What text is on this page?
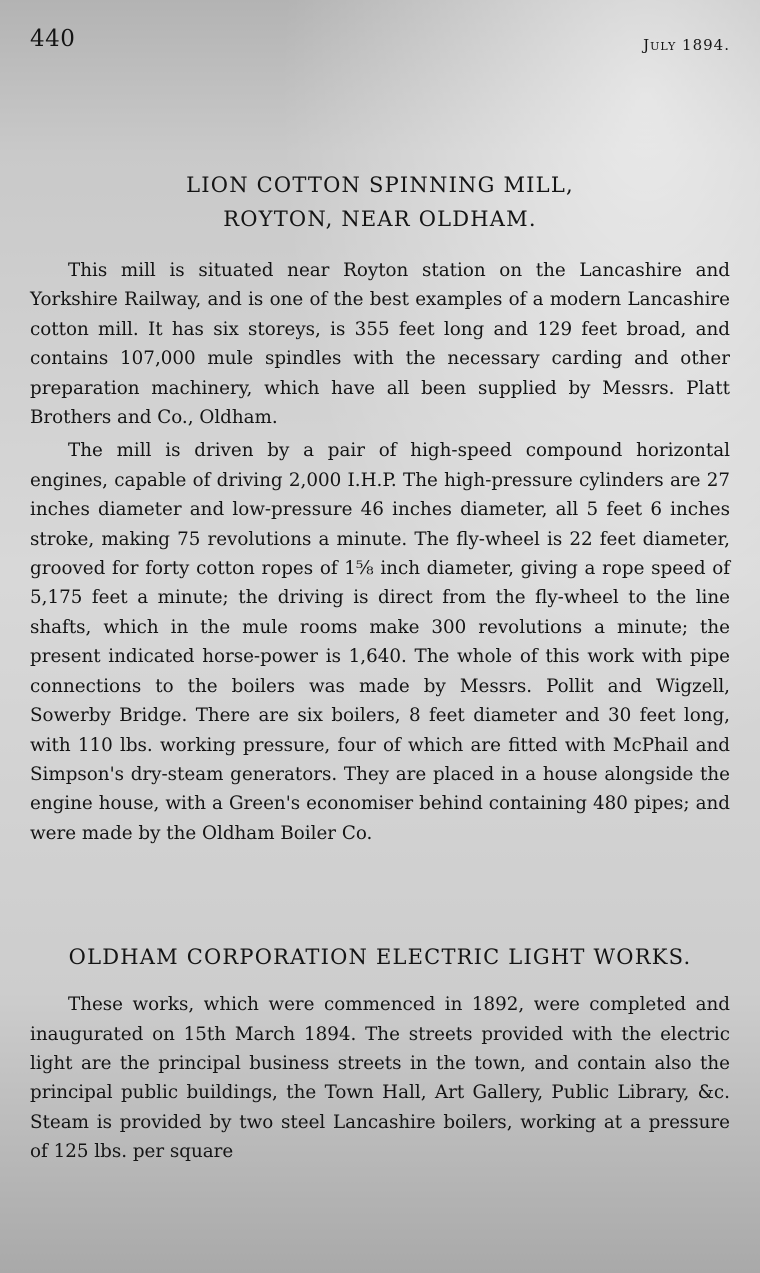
440	July 1894.
LION COTTON SPINNING MILL,
ROYTON, NEAR OLDHAM.

This mill is situated near Royton station on the Lancashire and Yorkshire Railway, and is one of the best examples of a modern Lancashire cotton mill. It has six storeys, is 355 feet long and 129 feet broad, and contains 107,000 mule spindles with the necessary carding and other preparation machinery, which have all been supplied by Messrs. Platt Brothers and Co., Oldham.

The mill is driven by a pair of high-speed compound horizontal engines, capable of driving 2,000 I.H.P. The high-pressure cylinders are 27 inches diameter and low-pressure 46 inches diameter, all 5 feet 6 inches stroke, making 75 revolutions a minute. The fly-wheel is 22 feet diameter, grooved for forty cotton ropes of 1⅝ inch diameter, giving a rope speed of 5,175 feet a minute; the driving is direct from the fly-wheel to the line shafts, which in the mule rooms make 300 revolutions a minute; the present indicated horse-power is 1,640. The whole of this work with pipe connections to the boilers was made by Messrs. Pollit and Wigzell, Sowerby Bridge. There are six boilers, 8 feet diameter and 30 feet long, with 110 lbs. working pressure, four of which are fitted with McPhail and Simpson's dry-steam generators. They are placed in a house alongside the engine house, with a Green's economiser behind containing 480 pipes; and were made by the Oldham Boiler Co.

OLDHAM CORPORATION ELECTRIC LIGHT WORKS.

These works, which were commenced in 1892, were completed and inaugurated on 15th March 1894. The streets provided with the electric light are the principal business streets in the town, and contain also the principal public buildings, the Town Hall, Art Gallery, Public Library, &c. Steam is provided by two steel Lancashire boilers, working at a pressure of 125 lbs. per square
